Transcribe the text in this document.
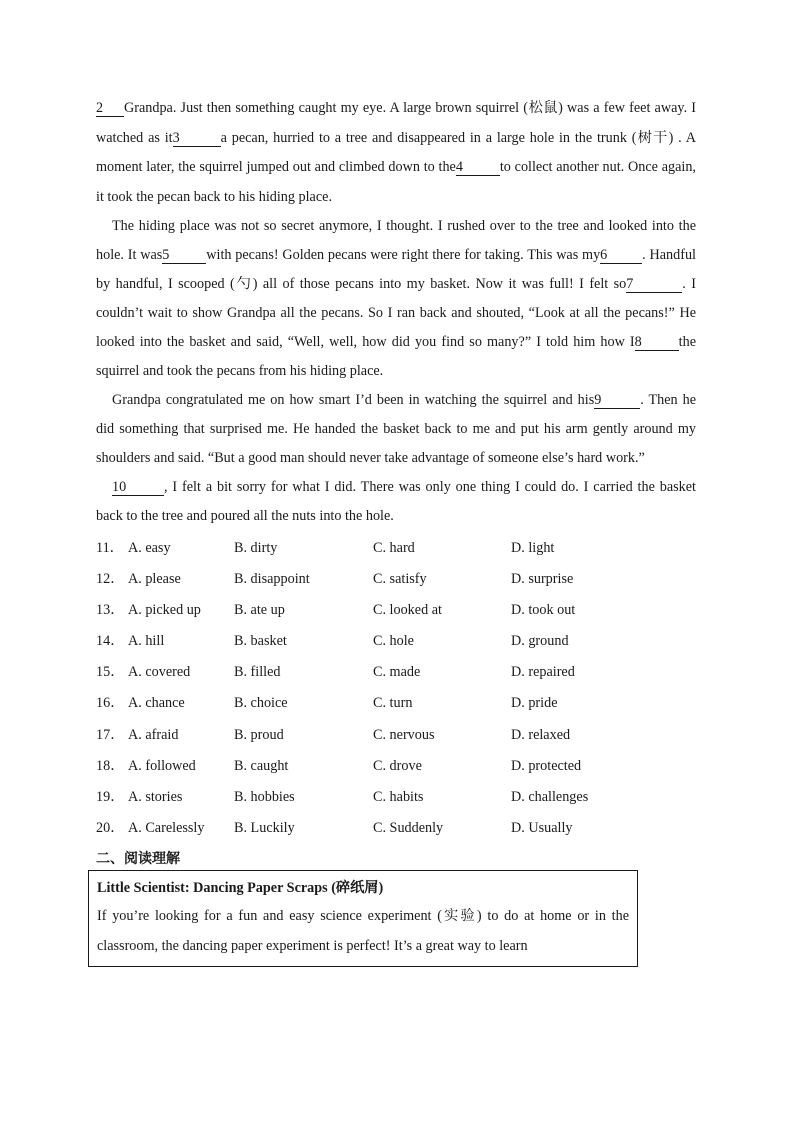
2 Grandpa. Just then something caught my eye. A large brown squirrel (松鼠) was a few feet away. I watched as it3	a pecan, hurried to a tree and disappeared in a large hole in the trunk (树干) . A moment later, the squirrel jumped out and climbed down to the4	to collect another nut. Once again, it took the pecan back to his hiding place.

The hiding place was not so secret anymore, I thought. I rushed over to the tree and looked into the hole. It was5	with pecans! Golden pecans were right there for taking. This was my6 . Handful by handful, I scooped (勺) all of those pecans into my basket. Now it was full! I felt so7	. I couldn’t wait to show Grandpa all the pecans. So I ran back and shouted, “Look at all the pecans!” He looked into the basket and said, “Well, well, how did you find so many?” I told him how I8	the squirrel and took the pecans from his hiding place.

Grandpa congratulated me on how smart I’d been in watching the squirrel and his9	. Then he did something that surprised me. He handed the basket back to me and put his arm gently around my shoulders and said. “But a good man should never take advantage of someone else’s hard work.”

10	, I felt a bit sorry for what I did. There was only one thing I could do. I carried the basket back to the tree and poured all the nuts into the hole.

11． A. easy	B. dirty	C. hard	D. light
12． A. please	B. disappoint	C. satisfy	D. surprise
13． A. picked up	B. ate up	C. looked at	D. took out
14． A. hill	B. basket	C. hole	D. ground
15． A. covered	B. filled	C. made	D. repaired
16． A. chance	B. choice	C. turn	D. pride
17． A. afraid	B. proud	C. nervous	D. relaxed
18． A. followed	B. caught	C. drove	D. protected
19． A. stories	B. hobbies	C. habits	D. challenges
20． A. Carelessly	B. Luckily	C. Suddenly	D. Usually
二、阅读理解
Little Scientist: Dancing Paper Scraps (碎纸屑)

If you’re looking for a fun and easy science experiment (实验) to do at home or in the classroom, the dancing paper experiment is perfect! It’s a great way to learn
